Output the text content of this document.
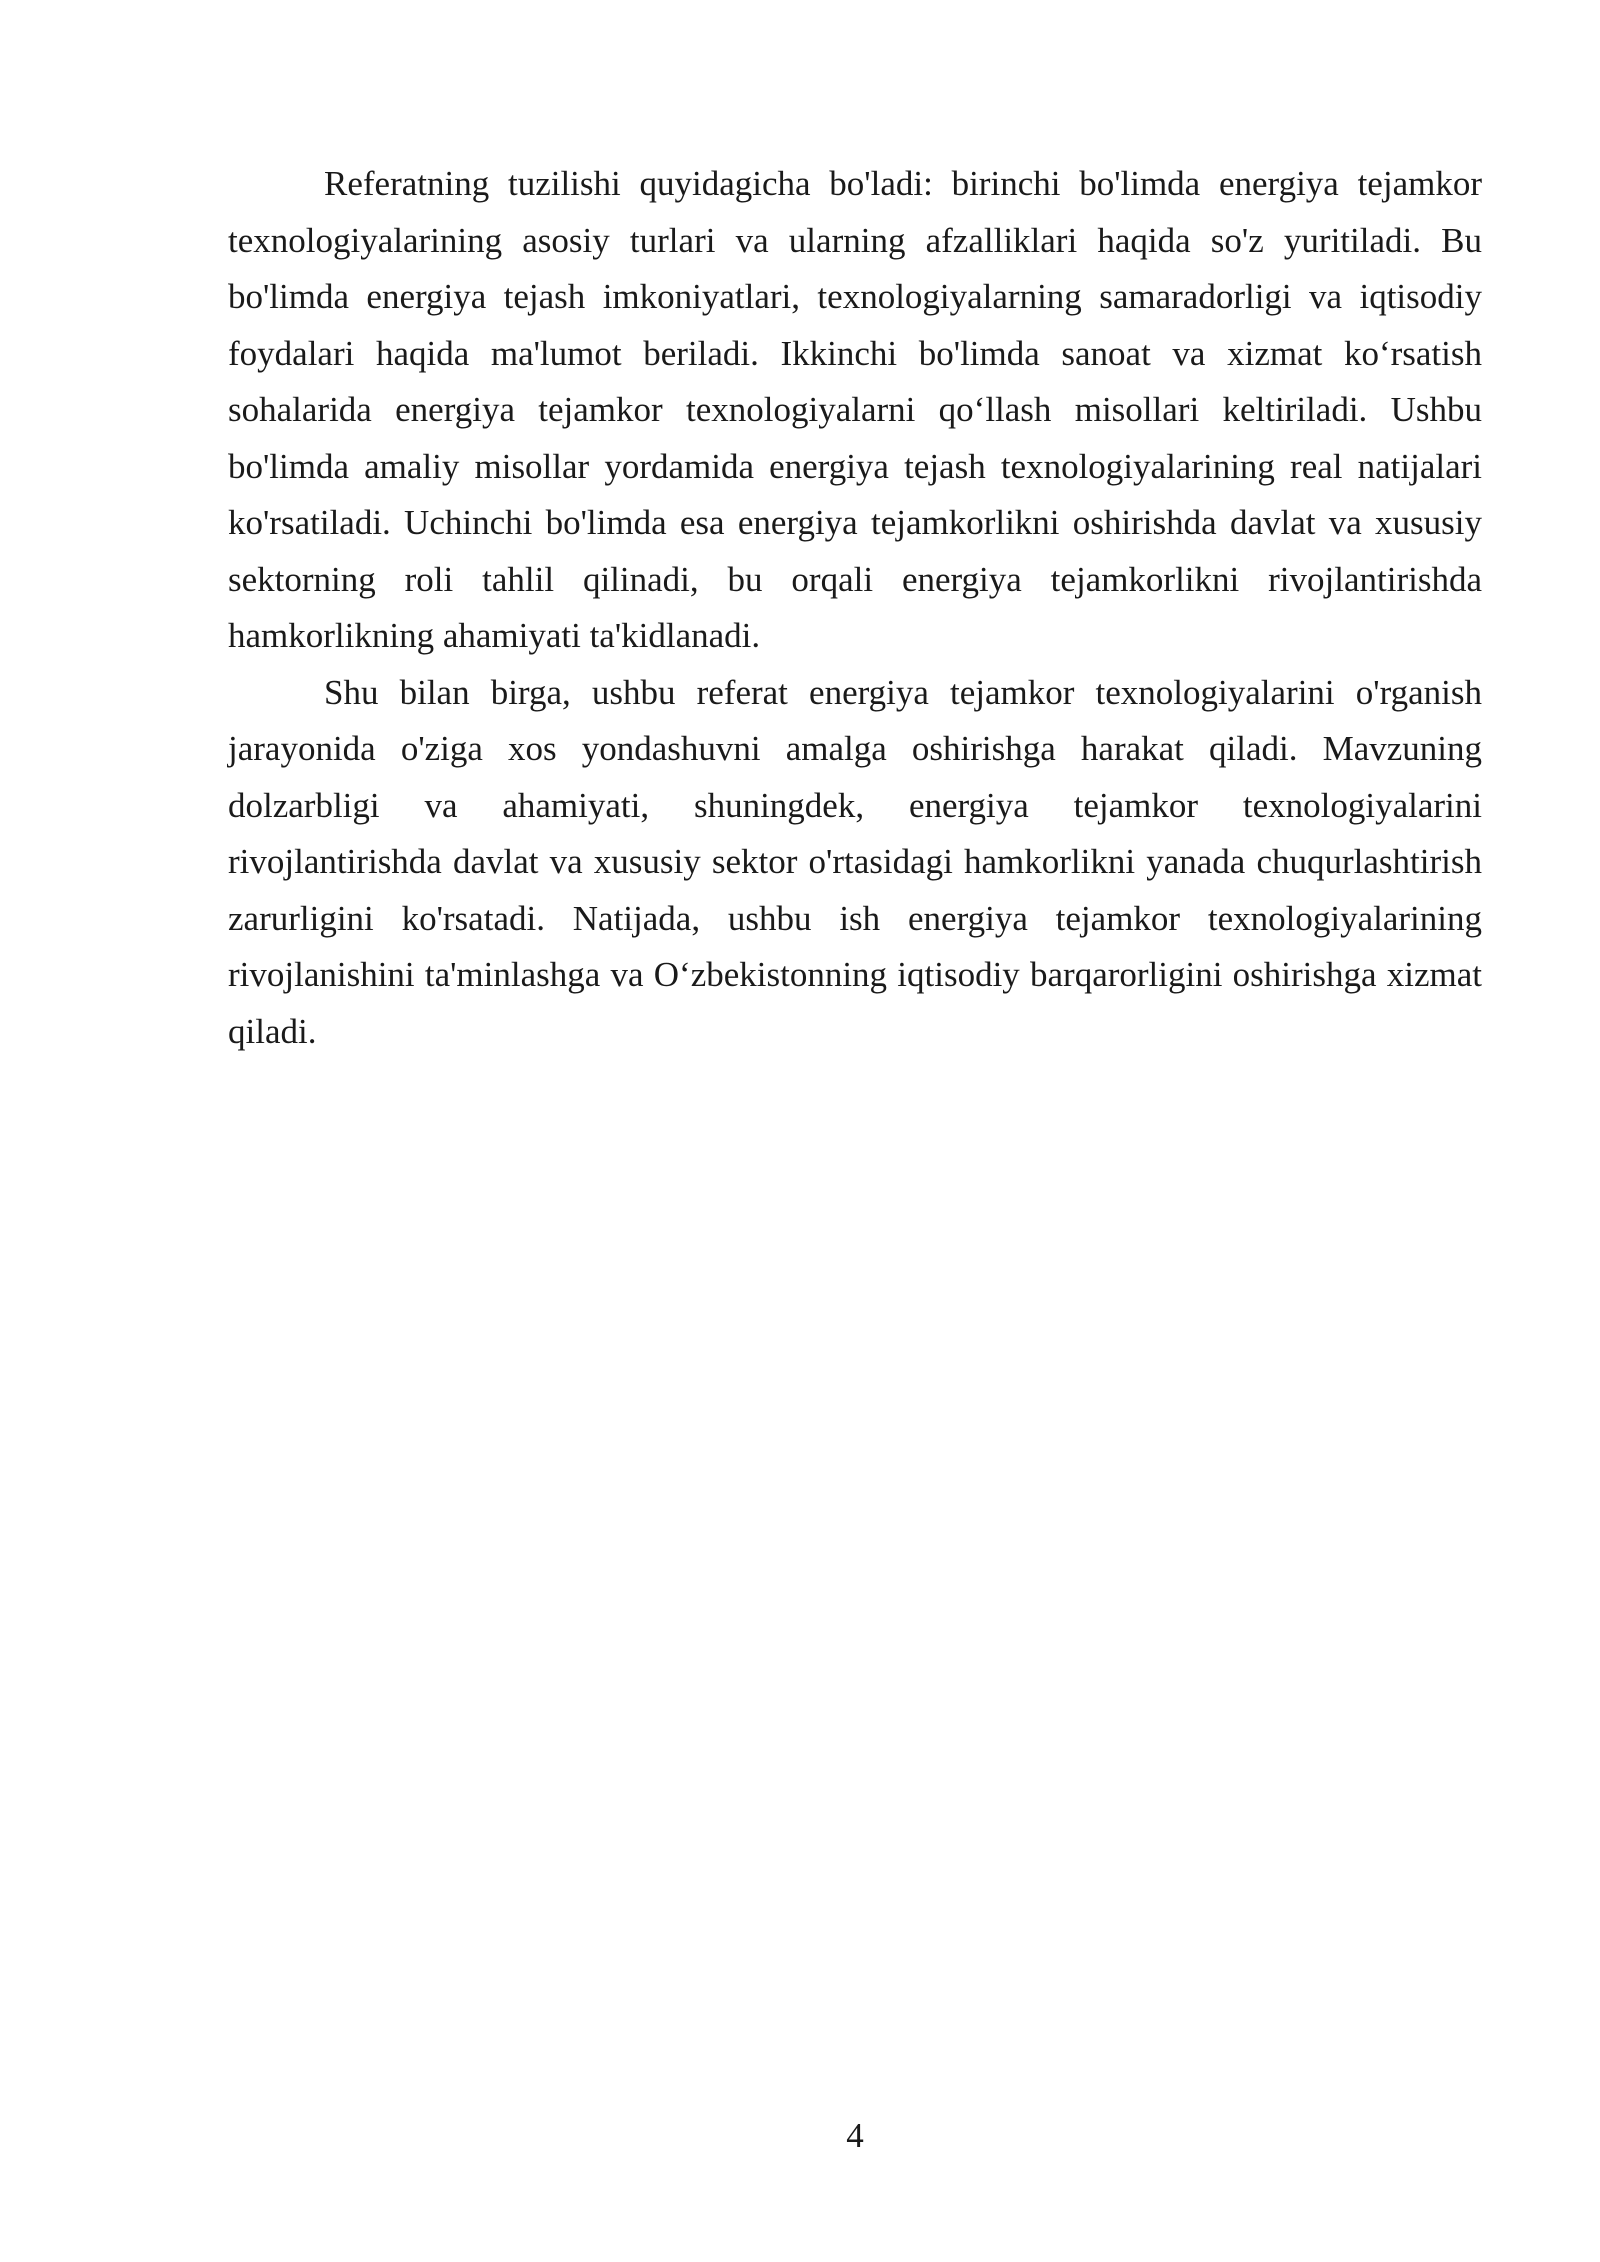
Referatning tuzilishi quyidagicha bo'ladi: birinchi bo'limda energiya tejamkor texnologiyalarining asosiy turlari va ularning afzalliklari haqida so'z yuritiladi. Bu bo'limda energiya tejash imkoniyatlari, texnologiyalarning samaradorligi va iqtisodiy foydalari haqida ma'lumot beriladi. Ikkinchi bo'limda sanoat va xizmat ko‘rsatish sohalarida energiya tejamkor texnologiyalarni qo‘llash misollari keltiriladi. Ushbu bo'limda amaliy misollar yordamida energiya tejash texnologiyalarining real natijalari ko'rsatiladi. Uchinchi bo'limda esa energiya tejamkorlikni oshirishda davlat va xususiy sektorning roli tahlil qilinadi, bu orqali energiya tejamkorlikni rivojlantirishda hamkorlikning ahamiyati ta'kidlanadi.

Shu bilan birga, ushbu referat energiya tejamkor texnologiyalarini o'rganish jarayonida o'ziga xos yondashuvni amalga oshirishga harakat qiladi. Mavzuning dolzarbligi va ahamiyati, shuningdek, energiya tejamkor texnologiyalarini rivojlantirishda davlat va xususiy sektor o'rtasidagi hamkorlikni yanada chuqurlashtirish zarurligini ko'rsatadi. Natijada, ushbu ish energiya tejamkor texnologiyalarining rivojlanishini ta'minlashga va O‘zbekistonning iqtisodiy barqarorligini oshirishga xizmat qiladi.

4
